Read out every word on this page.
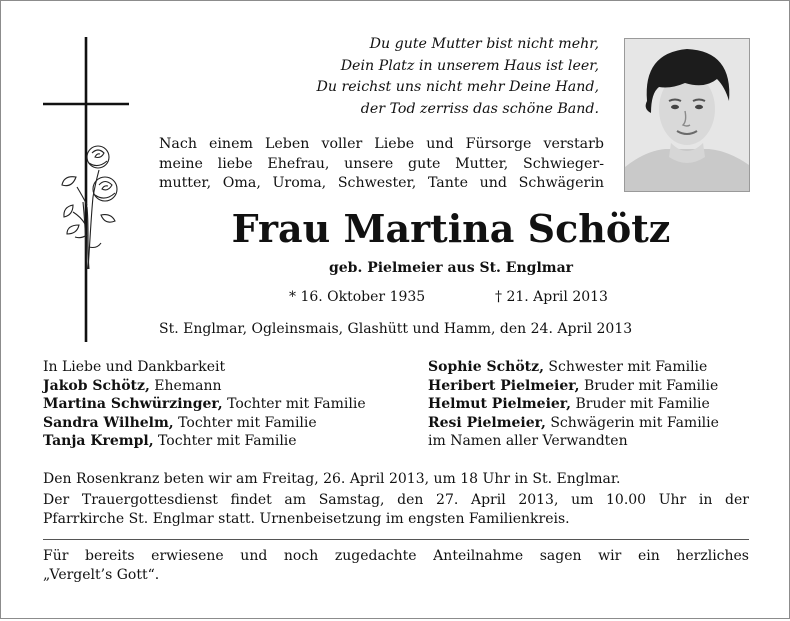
Du gute Mutter bist nicht mehr,
Dein Platz in unserem Haus ist leer,
Du reichst uns nicht mehr Deine Hand,
der Tod zerriss das schöne Band.
Nach einem Leben voller Liebe und Fürsorge verstarb
meine liebe Ehefrau, unsere gute Mutter, Schwieger-
mutter, Oma, Uroma, Schwester, Tante und Schwägerin
Frau Martina Schötz
geb. Pielmeier aus St. Englmar
* 16. Oktober 1935	† 21. April 2013
St. Englmar, Ogleinsmais, Glashütt und Hamm, den 24. April 2013
In Liebe und Dankbarkeit
Jakob Schötz, Ehemann
Martina Schwürzinger, Tochter mit Familie
Sandra Wilhelm, Tochter mit Familie
Tanja Krempl, Tochter mit Familie
Sophie Schötz, Schwester mit Familie
Heribert Pielmeier, Bruder mit Familie
Helmut Pielmeier, Bruder mit Familie
Resi Pielmeier, Schwägerin mit Familie
im Namen aller Verwandten
Den Rosenkranz beten wir am Freitag, 26. April 2013, um 18 Uhr in St. Englmar.
Der Trauergottesdienst findet am Samstag, den 27. April 2013, um 10.00 Uhr in der
Pfarrkirche St. Englmar statt. Urnenbeisetzung im engsten Familienkreis.
Für bereits erwiesene und noch zugedachte Anteilnahme sagen wir ein herzliches
„Vergelt’s Gott“.
